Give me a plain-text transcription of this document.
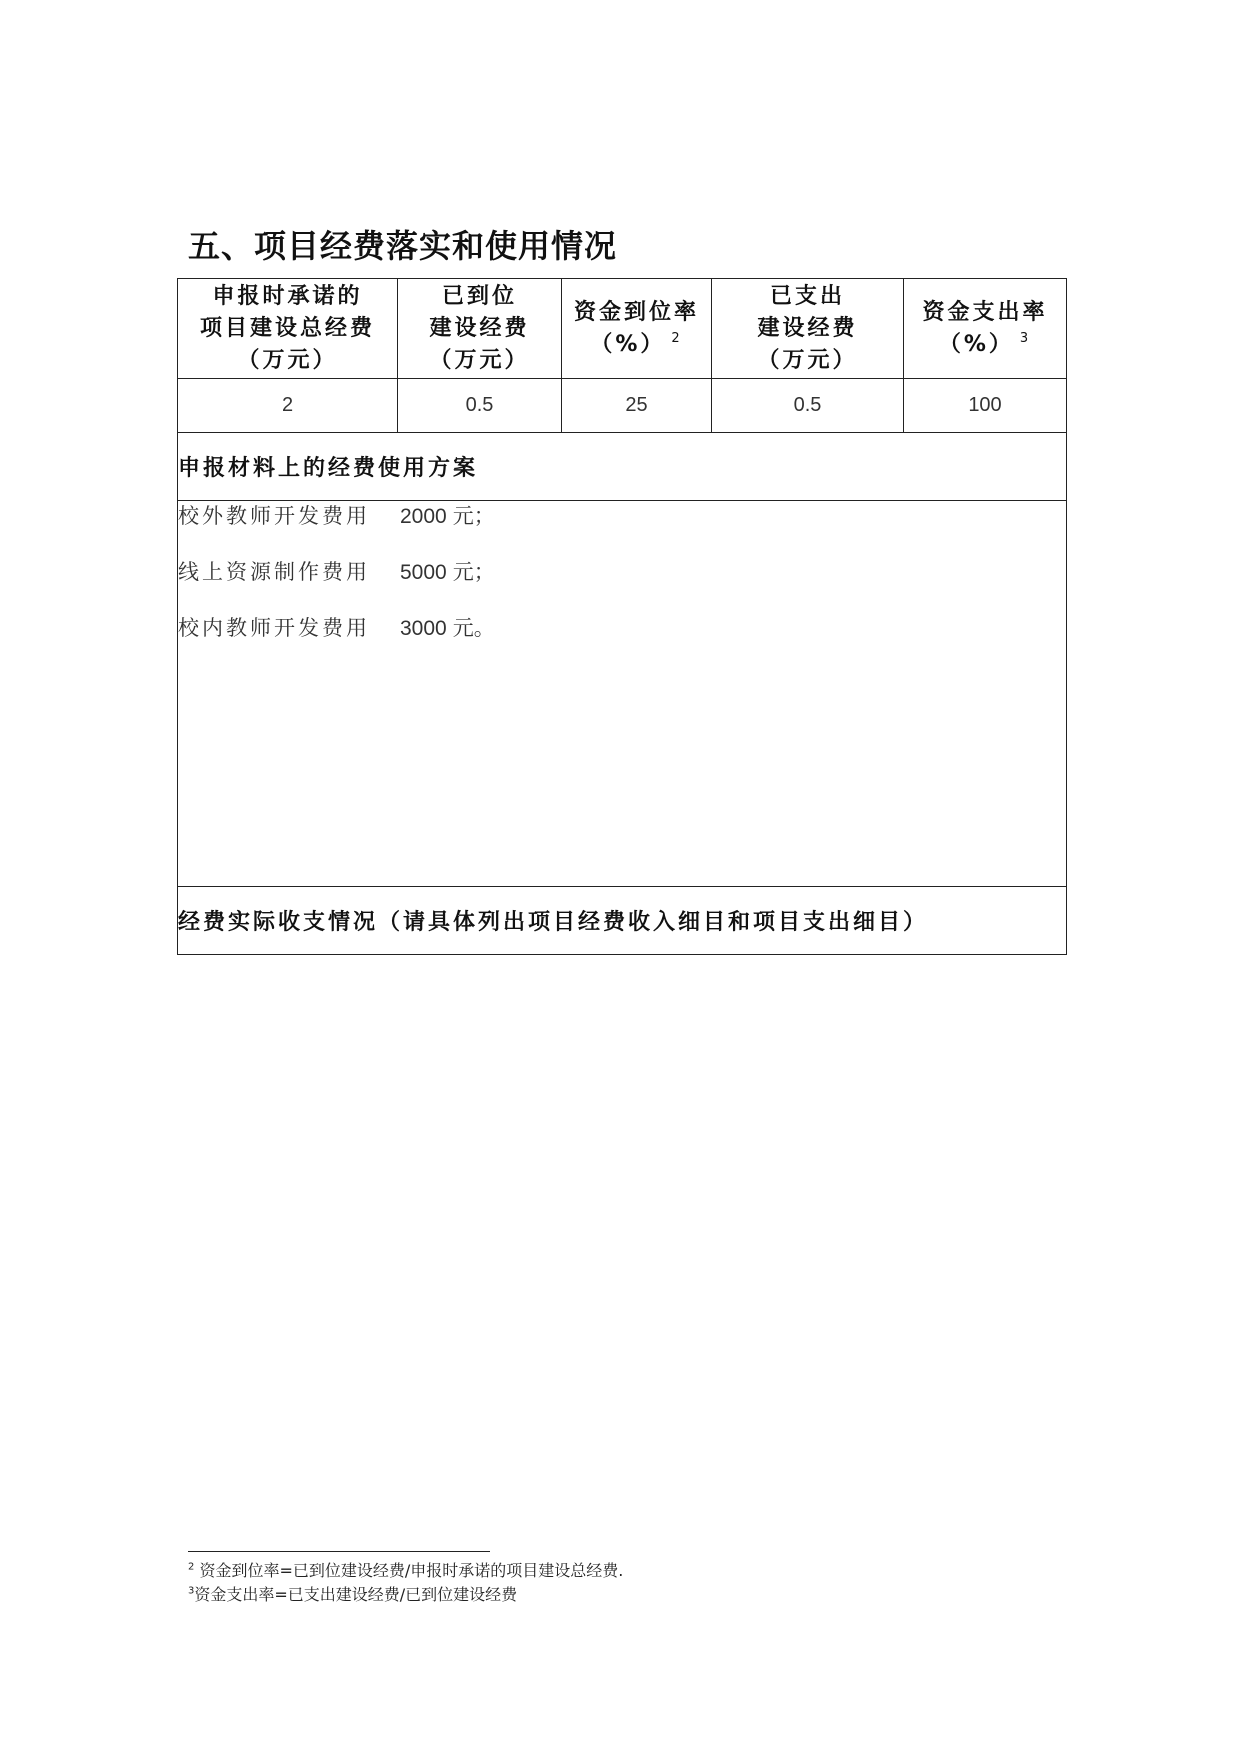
五、项目经费落实和使用情况
申报时承诺的
项目建设总经费
（万元）	已到位
建设经费
（万元）	资金到位率
（%） $^2$	已支出
建设经费
（万元）	资金支出率
（%） $^3$

2	0.5	25	0.5	100
申报材料上的经费使用方案				

校外教师开发费用 2000 元；
线上资源制作费用 5000 元；
校内教师开发费用 3000 元。				

经费实际收支情况（请具体列出项目经费收入细目和项目支出细目）				
$^2$ 资金到位率=已到位建设经费/申报时承诺的项目建设总经费.
$^3$资金支出率=已支出建设经费/已到位建设经费
